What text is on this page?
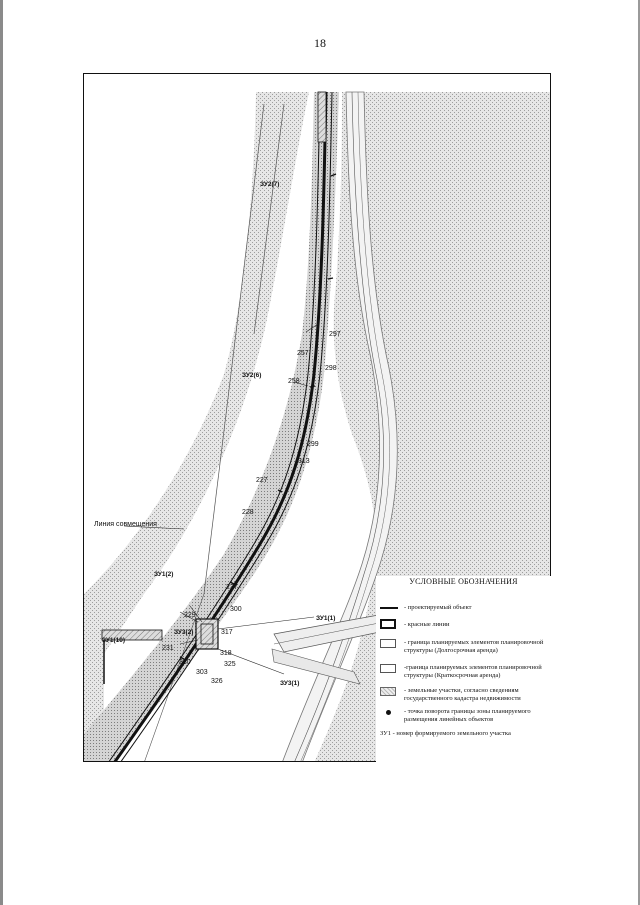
18
297
298
257
258
299
313
227
228
237
300
229
317
231
318
325
326
303
310
ЗУ2(7)
ЗУ2(6)
ЗУ1(2)
ЗУ3(2)
ЗУ1(1)
ЗУ3(1)
ЗУ1(10)
Линия совмещения
УСЛОВНЫЕ ОБОЗНАЧЕНИЯ
- проектируемый объект
- красные линии
- граница планируемых элементов планировочной структуры (Долгосрочная аренда)
-граница планируемых элементов планировочной структуры (Краткосрочная аренда)
- земельные участки, согласно сведениям государственного кадастра недвижимости
- точка поворота границы зоны планируемого размещения линейных объектов
ЗУ1 - номер формируемого земельного участка
